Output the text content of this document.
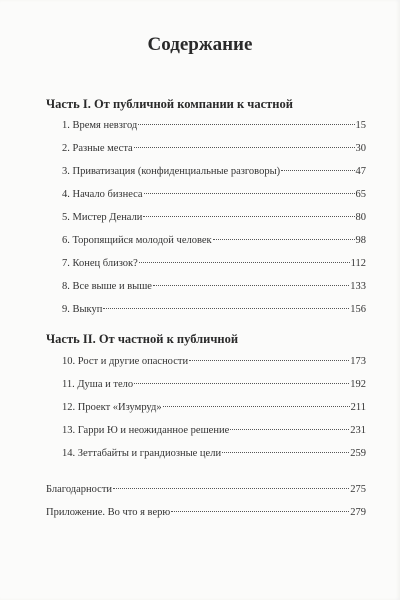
Содержание
Часть I. От публичной компании к частной
1. Время невзгод	15
2. Разные места	30
3. Приватизация (конфиденциальные разговоры)	47
4. Начало бизнеса	65
5. Мистер Денали	80
6. Торопящийся молодой человек	98
7. Конец близок?	112
8. Все выше и выше	133
9. Выкуп	156
Часть II. От частной к публичной
10. Рост и другие опасности	173
11. Душа и тело	192
12. Проект «Изумруд»	211
13. Гарри Ю и неожиданное решение	231
14. Зеттабайты и грандиозные цели	259
Благодарности	275
Приложение. Во что я верю	279
